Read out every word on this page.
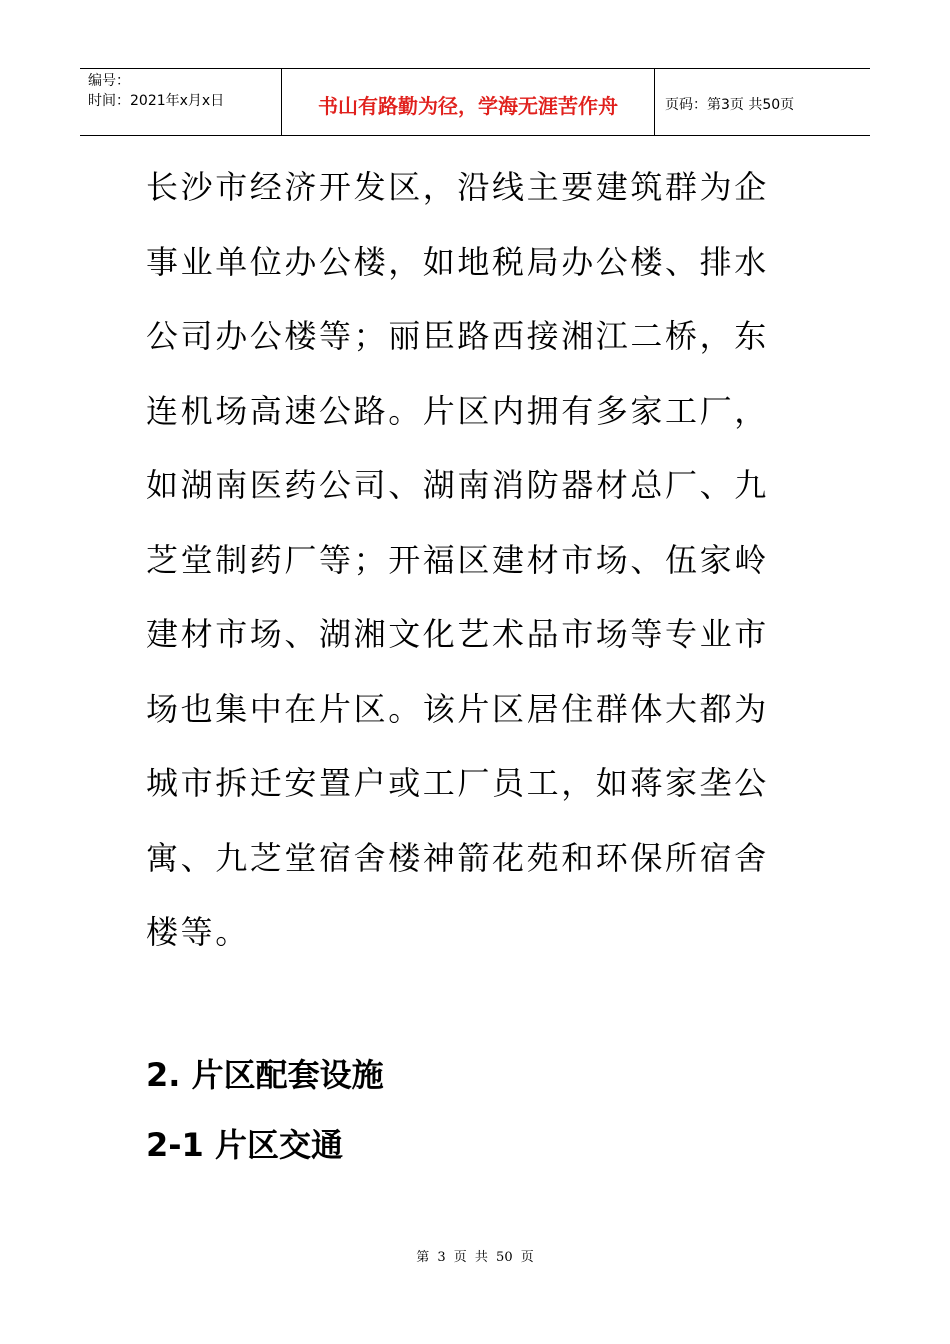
编号：
时间：2021年x月x日	书山有路勤为径，学海无涯苦作舟	页码：第3页 共50页
长沙市经济开发区，沿线主要建筑群为企
事业单位办公楼，如地税局办公楼、排水
公司办公楼等；丽臣路西接湘江二桥，东
连机场高速公路。片区内拥有多家工厂，
如湖南医药公司、湖南消防器材总厂、九
芝堂制药厂等；开福区建材市场、伍家岭
建材市场、湖湘文化艺术品市场等专业市
场也集中在片区。该片区居住群体大都为
城市拆迁安置户或工厂员工，如蒋家垄公
寓、九芝堂宿舍楼神箭花苑和环保所宿舍
楼等。
2. 片区配套设施
2-1 片区交通
第 3 页 共 50 页
